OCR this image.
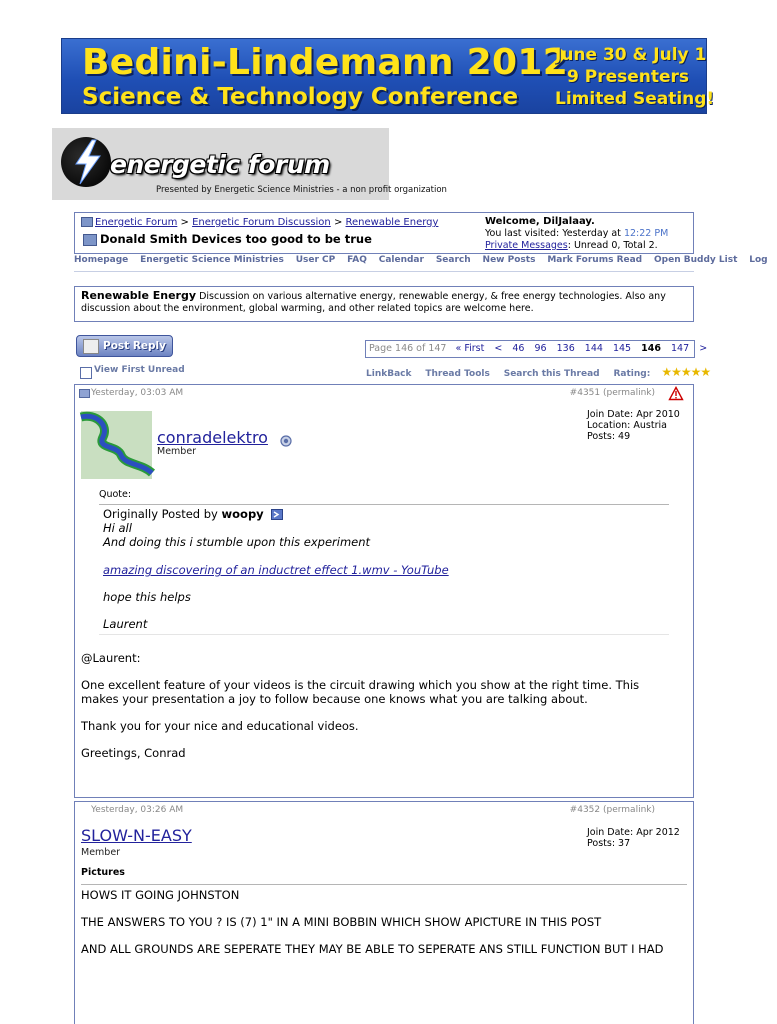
Bedini-Lindemann 2012
Science & Technology Conference
June 30 & July 1
9 Presenters
Limited Seating!
energetic forum
Presented by Energetic Science Ministries - a non profit organization
Energetic Forum > Energetic Forum Discussion > Renewable Energy
Donald Smith Devices too good to be true
Welcome, DilJalaay.
You last visited: Yesterday at 12:22 PM
Private Messages: Unread 0, Total 2.
Homepage Energetic Science Ministries User CP FAQ Calendar Search New Posts Mark Forums Read Open Buddy List Log
Renewable Energy Discussion on various alternative energy, renewable energy, & free energy technologies. Also any discussion about the environment, global warming, and other related topics are welcome here.
Post Reply	Page 146 of 147 « First < 46 96 136 144 145 146 147 >
View First Unread	LinkBack Thread Tools Search this Thread Rating: ★★★★★
Yesterday, 03:03 AM	#4351 (permalink)
conradelektro
Member
Join Date: Apr 2010
Location: Austria
Posts: 49
Quote:
Originally Posted by woopy
Hi all
And doing this i stumble upon this experiment
amazing discovering of an inductret effect 1.wmv - YouTube
hope this helps
Laurent

@Laurent:

One excellent feature of your videos is the circuit drawing which you show at the right time. This makes your presentation a joy to follow because one knows what you are talking about.

Thank you for your nice and educational videos.

Greetings, Conrad

Yesterday, 03:26 AM	#4352 (permalink)
SLOW-N-EASY
Member
Join Date: Apr 2012
Posts: 37
Pictures

HOWS IT GOING JOHNSTON

THE ANSWERS TO YOU ? IS (7) 1" IN A MINI BOBBIN WHICH SHOW APICTURE IN THIS POST

AND ALL GROUNDS ARE SEPERATE THEY MAY BE ABLE TO SEPERATE ANS STILL FUNCTION BUT I HAD
